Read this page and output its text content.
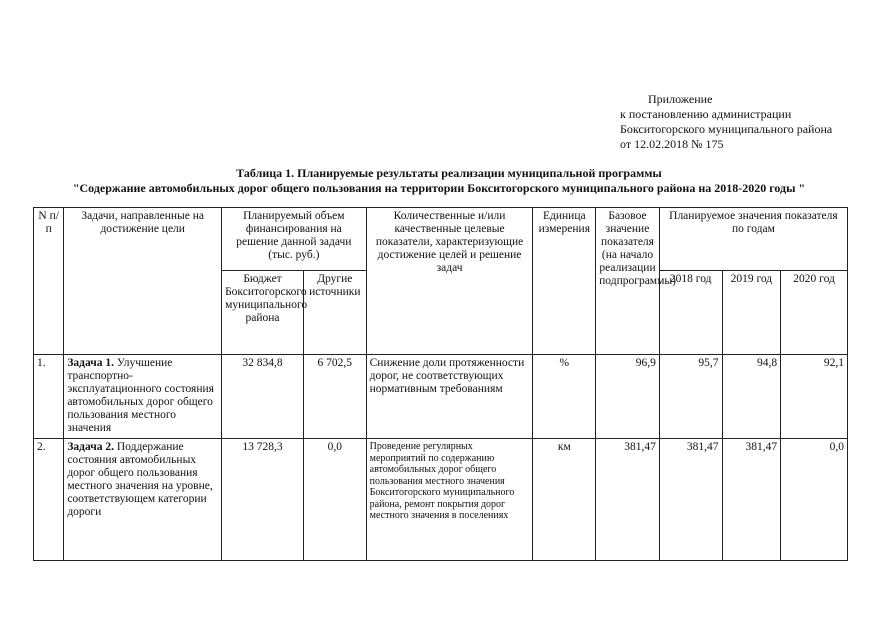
Приложение
к постановлению администрации
Бокситогорского муниципального района
от 12.02.2018 № 175
Таблица 1. Планируемые результаты реализации муниципальной программы
"Содержание автомобильных дорог общего пользования на территории Бокситогорского муниципального района на 2018-2020 годы "
N п/п	Задачи, направленные на достижение цели	Планируемый объем финансирования на решение данной задачи (тыс. руб.)		Количественные и/или качественные целевые показатели, характеризующие достижение целей и решение задач	Единица измерения	Базовое значение показателя (на начало реализации подпрограммы)	Планируемое значения показателя по годам		
		Бюджет Бокситогорского муниципального района	Другие источники				2018 год	2019 год	2020 год
1.	Задача 1. Улучшение транспортно-эксплуатационного состояния автомобильных дорог общего пользования местного значения	32 834,8	6 702,5	Снижение доли протяженности дорог, не соответствующих нормативным требованиям	%	96,9	95,7	94,8	92,1
2.	Задача 2. Поддержание состояния автомобильных дорог общего пользования местного значения на уровне, соответствующем категории дороги	13 728,3	0,0	Проведение регулярных мероприятий по содержанию автомобильных дорог общего пользования местного значения Бокситогорского муниципального района, ремонт покрытия дорог местного значения в поселениях	км	381,47	381,47	381,47	0,0
